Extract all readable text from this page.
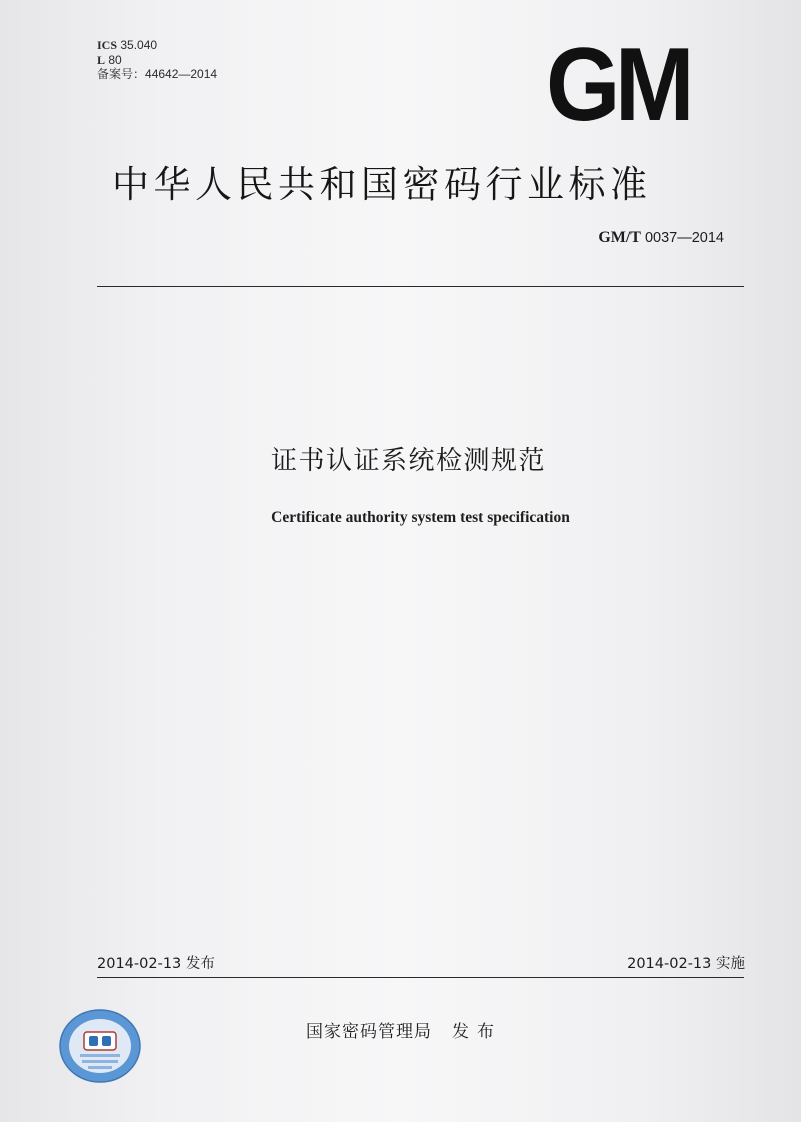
ICS 35.040
L 80
备案号：44642—2014	GM
中华人民共和国密码行业标准
GM/T 0037—2014
证书认证系统检测规范
Certificate authority system test specification
2014-02-13 发布	2014-02-13 实施
国家密码管理局 发布
